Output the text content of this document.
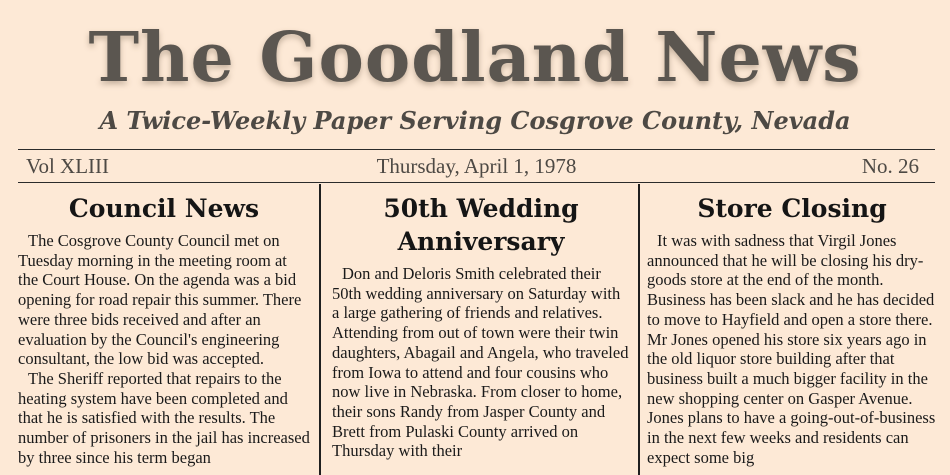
The Goodland News
A Twice-Weekly Paper Serving Cosgrove County, Nevada
Vol XLIII	Thursday, April 1, 1978	No. 26
Council News

The Cosgrove County Council met on Tuesday morning in the meeting room at the Court House. On the agenda was a bid opening for road repair this summer. There were three bids received and after an evaluation by the Council's engineering consultant, the low bid was accepted.

The Sheriff reported that repairs to the heating system have been completed and that he is satisfied with the results. The number of prisoners in the jail has increased by three since his term began

50th Wedding Anniversary

Don and Deloris Smith celebrated their 50th wedding anniversary on Saturday with a large gathering of friends and relatives. Attending from out of town were their twin daughters, Abagail and Angela, who traveled from Iowa to attend and four cousins who now live in Nebraska. From closer to home, their sons Randy from Jasper County and Brett from Pulaski County arrived on Thursday with their

Store Closing

It was with sadness that Virgil Jones announced that he will be closing his dry-goods store at the end of the month. Business has been slack and he has decided to move to Hayfield and open a store there. Mr Jones opened his store six years ago in the old liquor store building after that business built a much bigger facility in the new shopping center on Gasper Avenue. Jones plans to have a going-out-of-business in the next few weeks and residents can expect some big
